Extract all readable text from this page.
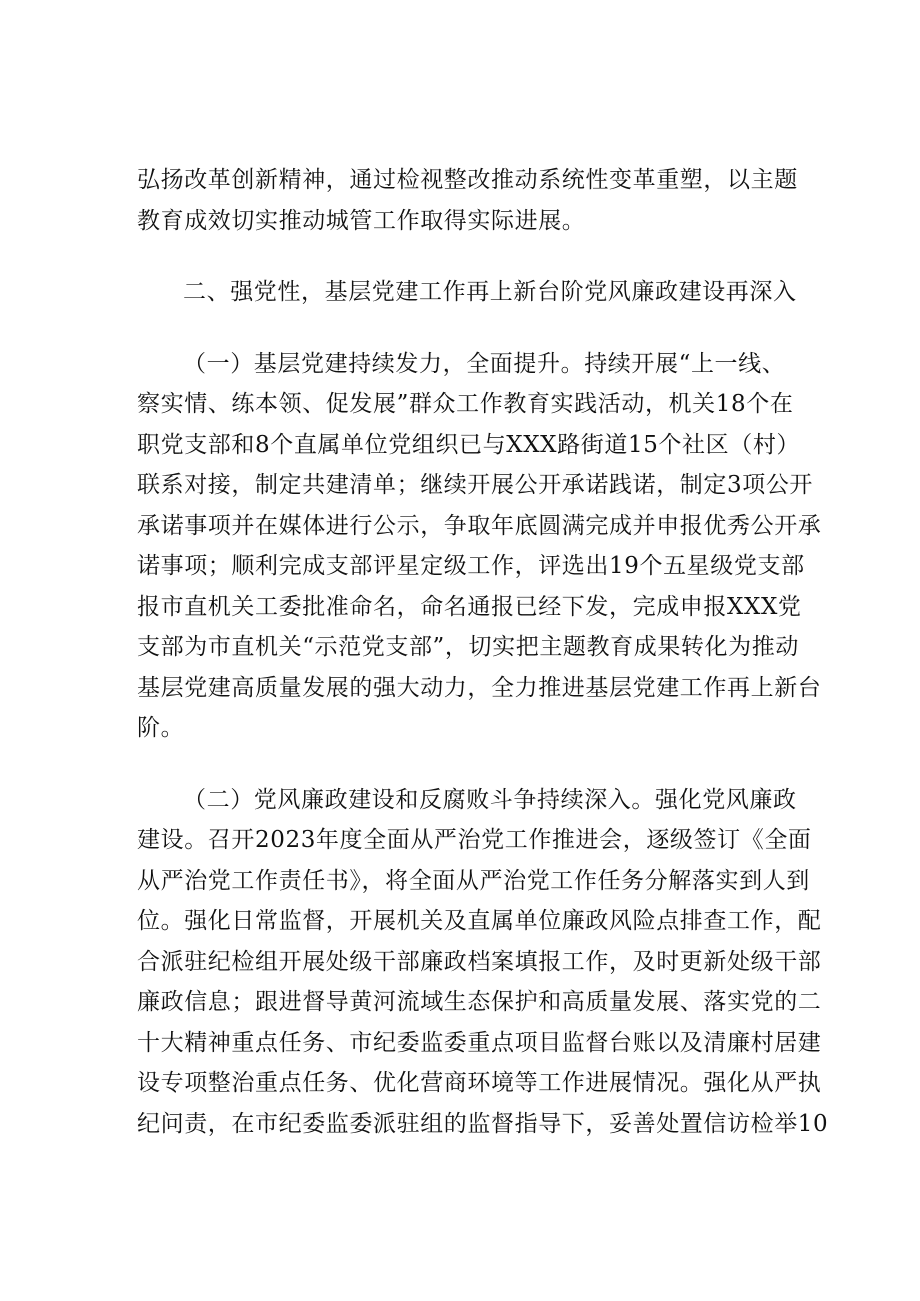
弘扬改革创新精神，通过检视整改推动系统性变革重塑，以主题
教育成效切实推动城管工作取得实际进展。
二、强党性，基层党建工作再上新台阶党风廉政建设再深入
（一）基层党建持续发力，全面提升。持续开展“上一线、
察实情、练本领、促发展”群众工作教育实践活动，机关18个在
职党支部和8个直属单位党组织已与XXX路街道15个社区（村）
联系对接，制定共建清单；继续开展公开承诺践诺，制定3项公开
承诺事项并在媒体进行公示，争取年底圆满完成并申报优秀公开承
诺事项；顺利完成支部评星定级工作，评选出19个五星级党支部
报市直机关工委批准命名，命名通报已经下发，完成申报XXX党
支部为市直机关“示范党支部”，切实把主题教育成果转化为推动
基层党建高质量发展的强大动力，全力推进基层党建工作再上新台
阶。
（二）党风廉政建设和反腐败斗争持续深入。强化党风廉政
建设。召开2023年度全面从严治党工作推进会，逐级签订《全面
从严治党工作责任书》，将全面从严治党工作任务分解落实到人到
位。强化日常监督，开展机关及直属单位廉政风险点排查工作，配
合派驻纪检组开展处级干部廉政档案填报工作，及时更新处级干部
廉政信息；跟进督导黄河流域生态保护和高质量发展、落实党的二
十大精神重点任务、市纪委监委重点项目监督台账以及清廉村居建
设专项整治重点任务、优化营商环境等工作进展情况。强化从严执
纪问责，在市纪委监委派驻组的监督指导下，妥善处置信访检举10
